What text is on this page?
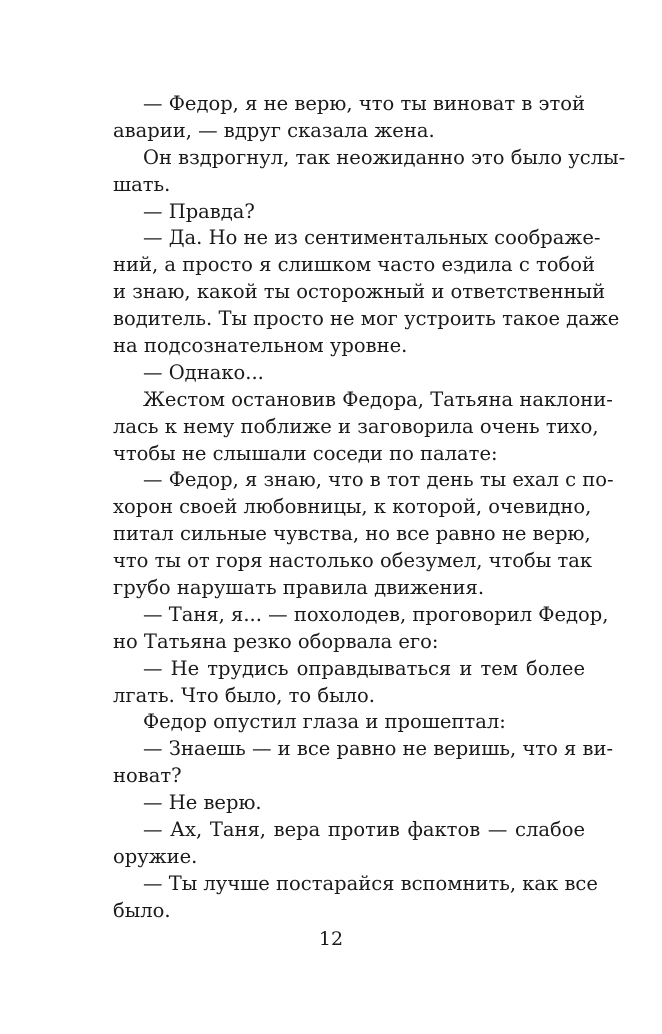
— Федор, я не верю, что ты виноват в этой
аварии, — вдруг сказала жена.

Он вздрогнул, так неожиданно это было услы-
шать.

— Правда?

— Да. Но не из сентиментальных соображе-
ний, а просто я слишком часто ездила с тобой
и знаю, какой ты осторожный и ответственный
водитель. Ты просто не мог устроить такое даже
на подсознательном уровне.

— Однако...

Жестом остановив Федора, Татьяна наклони-
лась к нему поближе и заговорила очень тихо,
чтобы не слышали соседи по палате:

— Федор, я знаю, что в тот день ты ехал с по-
хорон своей любовницы, к которой, очевидно,
питал сильные чувства, но все равно не верю,
что ты от горя настолько обезумел, чтобы так
грубо нарушать правила движения.

— Таня, я... — похолодев, проговорил Федор,
но Татьяна резко оборвала его:

— Не трудись оправдываться и тем более
лгать. Что было, то было.

Федор опустил глаза и прошептал:

— Знаешь — и все равно не веришь, что я ви-
новат?

— Не верю.

— Ах, Таня, вера против фактов — слабое
оружие.

— Ты лучше постарайся вспомнить, как все
было.

12
